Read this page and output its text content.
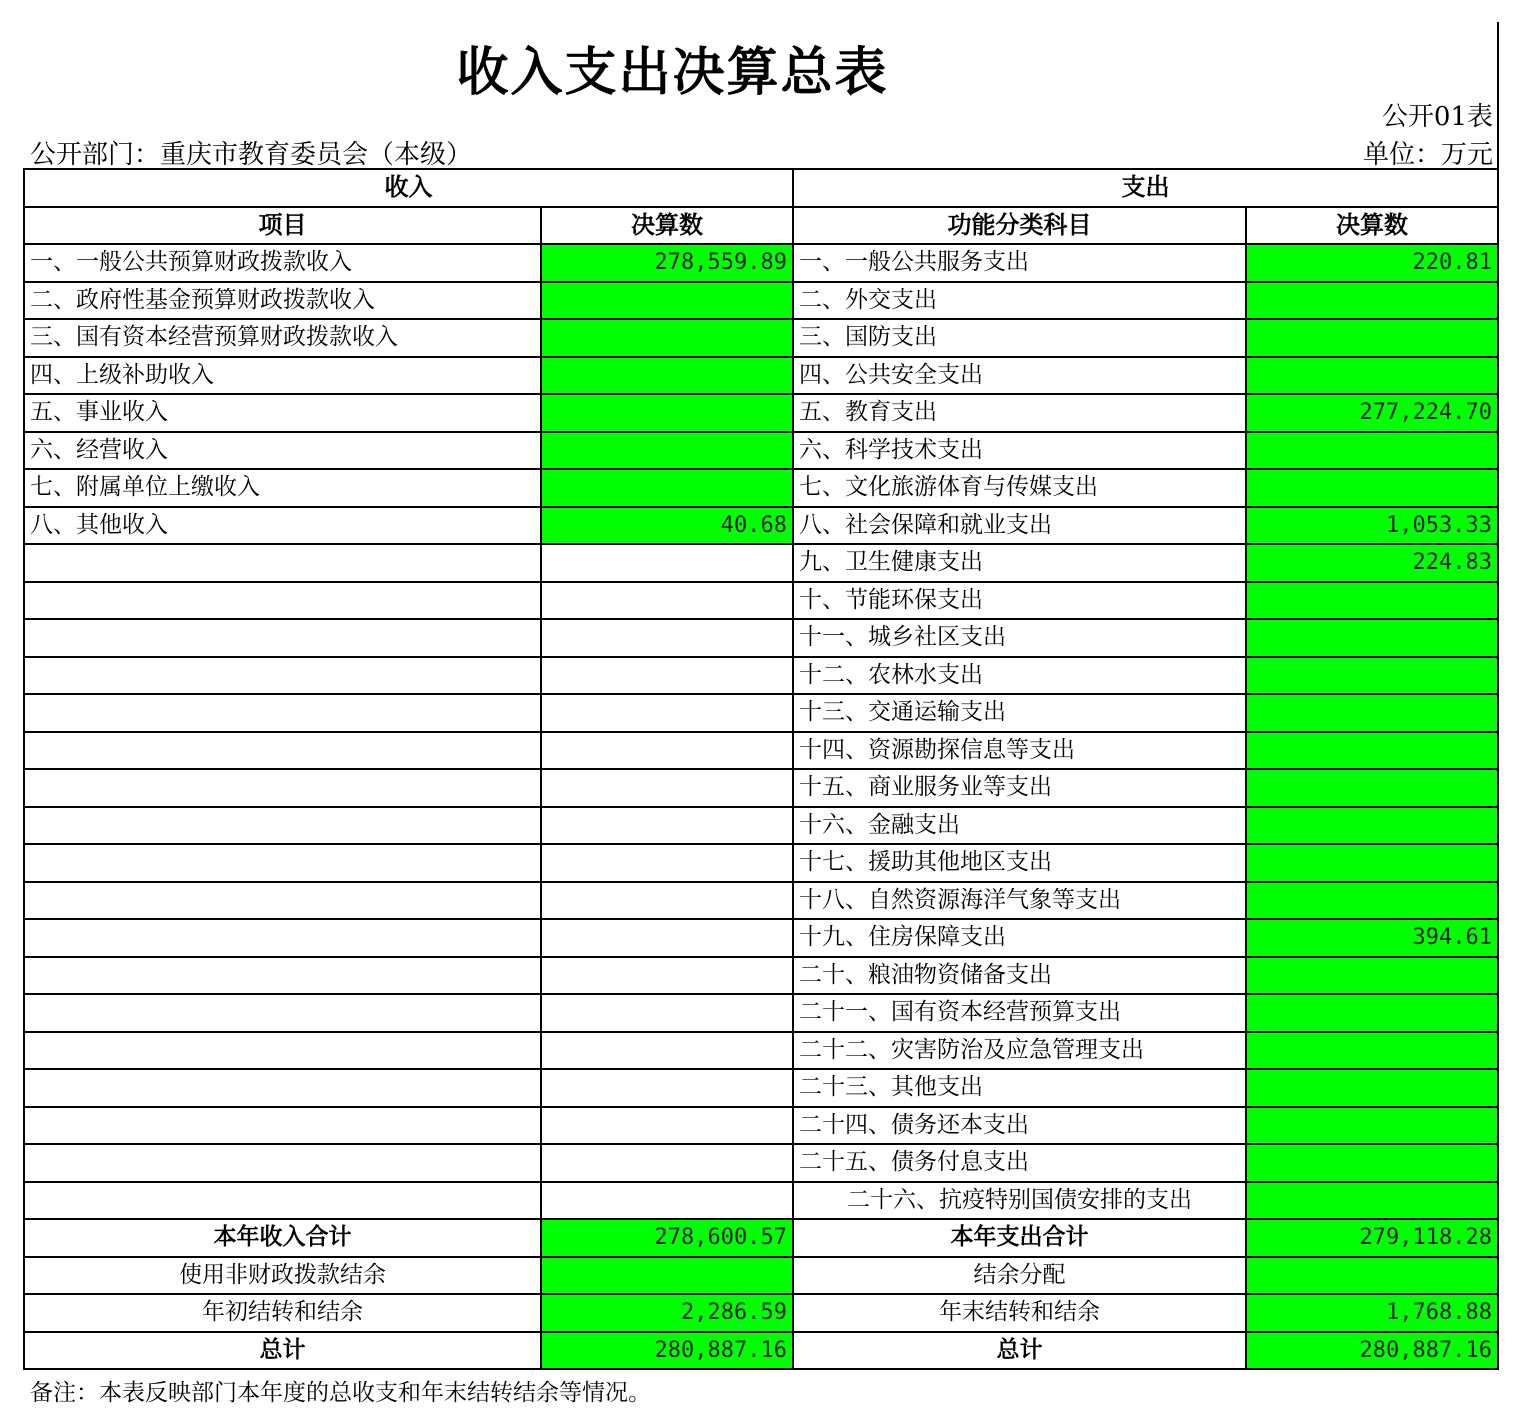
收入支出决算总表
公开01表
公开部门：重庆市教育委员会（本级）	单位：万元
收入		支出	
项目	决算数	功能分类科目	决算数
一、一般公共预算财政拨款收入	278,559.89	一、一般公共服务支出	220.81
二、政府性基金预算财政拨款收入		二、外交支出	
三、国有资本经营预算财政拨款收入		三、国防支出	
四、上级补助收入		四、公共安全支出	
五、事业收入		五、教育支出	277,224.70
六、经营收入		六、科学技术支出	
七、附属单位上缴收入		七、文化旅游体育与传媒支出	
八、其他收入	40.68	八、社会保障和就业支出	1,053.33
		九、卫生健康支出	224.83
		十、节能环保支出	
		十一、城乡社区支出	
		十二、农林水支出	
		十三、交通运输支出	
		十四、资源勘探信息等支出	
		十五、商业服务业等支出	
		十六、金融支出	
		十七、援助其他地区支出	
		十八、自然资源海洋气象等支出	
		十九、住房保障支出	394.61
		二十、粮油物资储备支出	
		二十一、国有资本经营预算支出	
		二十二、灾害防治及应急管理支出	
		二十三、其他支出	
		二十四、债务还本支出	
		二十五、债务付息支出	
		二十六、抗疫特别国债安排的支出	
本年收入合计	278,600.57	本年支出合计	279,118.28
使用非财政拨款结余		结余分配	
年初结转和结余	2,286.59	年末结转和结余	1,768.88
总计	280,887.16	总计	280,887.16
备注：本表反映部门本年度的总收支和年末结转结余等情况。
